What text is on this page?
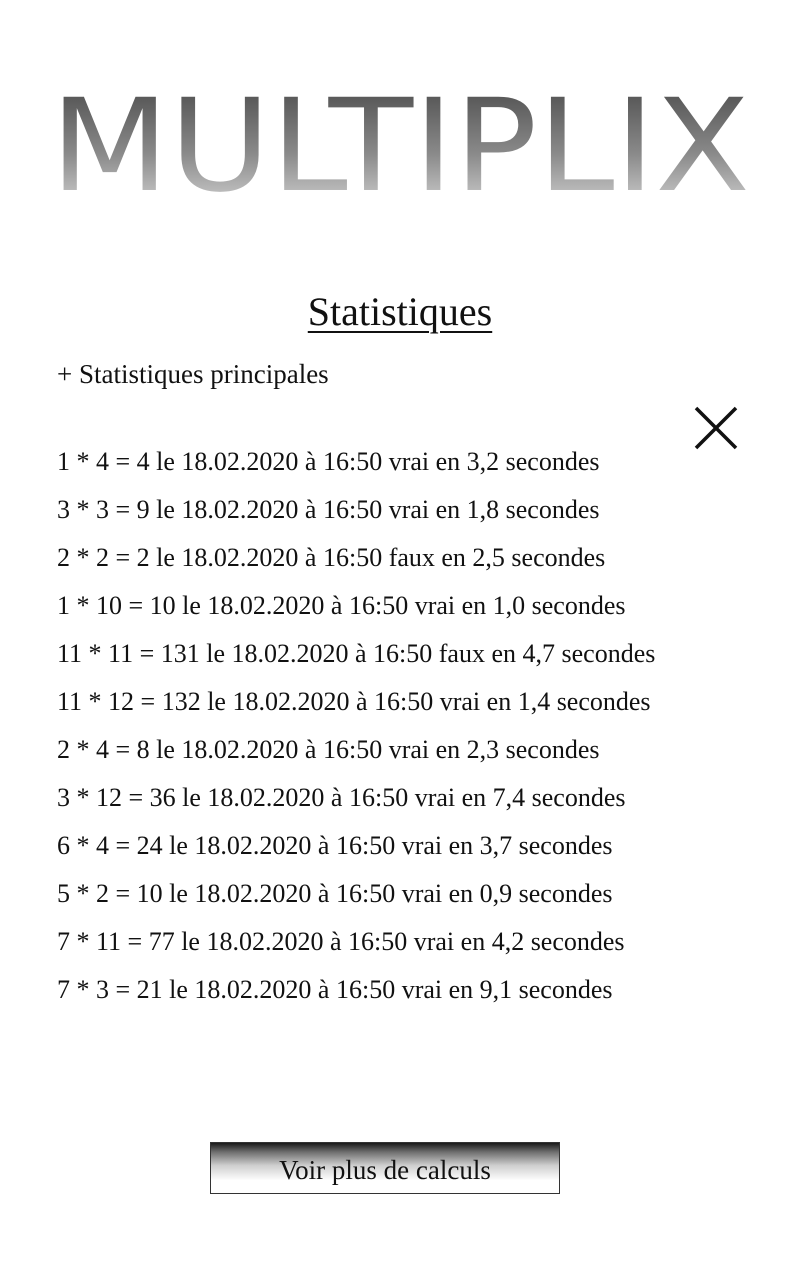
MULTIPLIX
Statistiques
+ Statistiques principales
1 * 4 = 4 le 18.02.2020 à 16:50 vrai en 3,2 secondes
3 * 3 = 9 le 18.02.2020 à 16:50 vrai en 1,8 secondes
2 * 2 = 2 le 18.02.2020 à 16:50 faux en 2,5 secondes
1 * 10 = 10 le 18.02.2020 à 16:50 vrai en 1,0 secondes
11 * 11 = 131 le 18.02.2020 à 16:50 faux en 4,7 secondes
11 * 12 = 132 le 18.02.2020 à 16:50 vrai en 1,4 secondes
2 * 4 = 8 le 18.02.2020 à 16:50 vrai en 2,3 secondes
3 * 12 = 36 le 18.02.2020 à 16:50 vrai en 7,4 secondes
6 * 4 = 24 le 18.02.2020 à 16:50 vrai en 3,7 secondes
5 * 2 = 10 le 18.02.2020 à 16:50 vrai en 0,9 secondes
7 * 11 = 77 le 18.02.2020 à 16:50 vrai en 4,2 secondes
7 * 3 = 21 le 18.02.2020 à 16:50 vrai en 9,1 secondes
Voir plus de calculs
